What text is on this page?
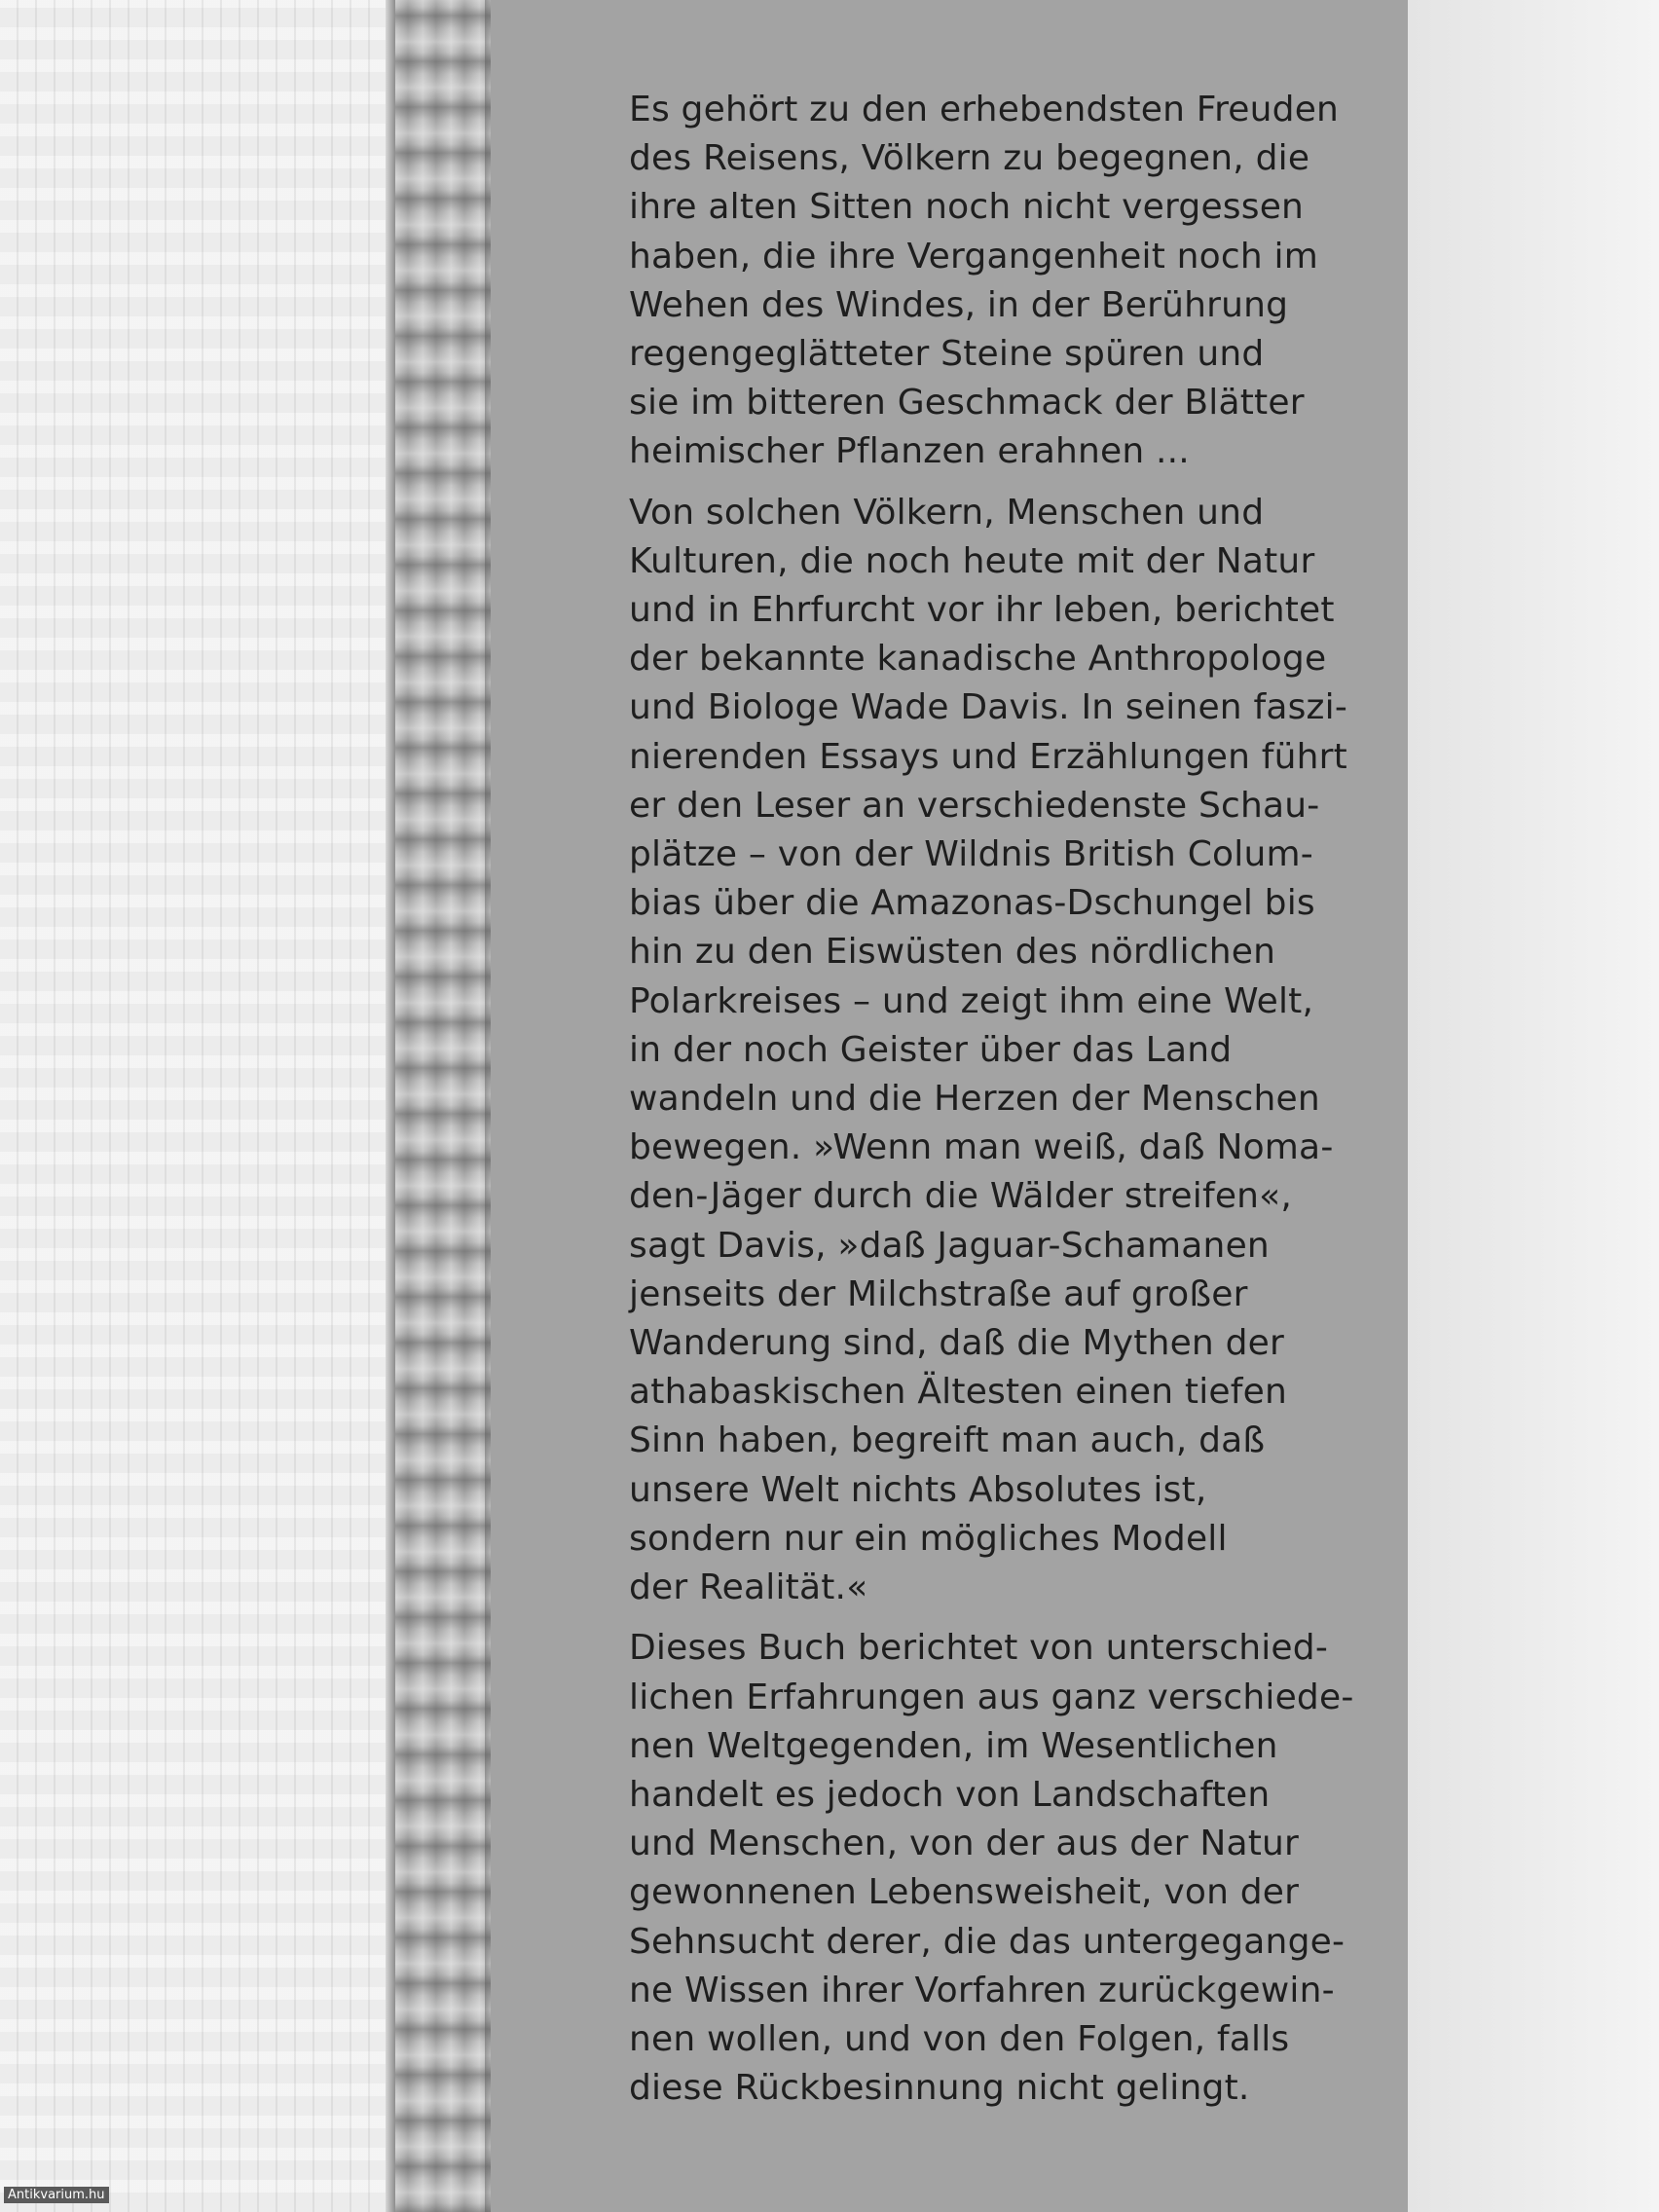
Es gehört zu den erhebendsten Freuden
des Reisens, Völkern zu begegnen, die
ihre alten Sitten noch nicht vergessen
haben, die ihre Vergangenheit noch im
Wehen des Windes, in der Berührung
regengeglätteter Steine spüren und
sie im bitteren Geschmack der Blätter
heimischer Pflanzen erahnen ...

Von solchen Völkern, Menschen und
Kulturen, die noch heute mit der Natur
und in Ehrfurcht vor ihr leben, berichtet
der bekannte kanadische Anthropologe
und Biologe Wade Davis. In seinen faszi-
nierenden Essays und Erzählungen führt
er den Leser an verschiedenste Schau-
plätze – von der Wildnis British Colum-
bias über die Amazonas-Dschungel bis
hin zu den Eiswüsten des nördlichen
Polarkreises – und zeigt ihm eine Welt,
in der noch Geister über das Land
wandeln und die Herzen der Menschen
bewegen. »Wenn man weiß, daß Noma-
den-Jäger durch die Wälder streifen«,
sagt Davis, »daß Jaguar-Schamanen
jenseits der Milchstraße auf großer
Wanderung sind, daß die Mythen der
athabaskischen Ältesten einen tiefen
Sinn haben, begreift man auch, daß
unsere Welt nichts Absolutes ist,
sondern nur ein mögliches Modell
der Realität.«

Dieses Buch berichtet von unterschied-
lichen Erfahrungen aus ganz verschiede-
nen Weltgegenden, im Wesentlichen
handelt es jedoch von Landschaften
und Menschen, von der aus der Natur
gewonnenen Lebensweisheit, von der
Sehnsucht derer, die das untergegange-
ne Wissen ihrer Vorfahren zurückgewin-
nen wollen, und von den Folgen, falls
diese Rückbesinnung nicht gelingt.

Antikvarium.hu
